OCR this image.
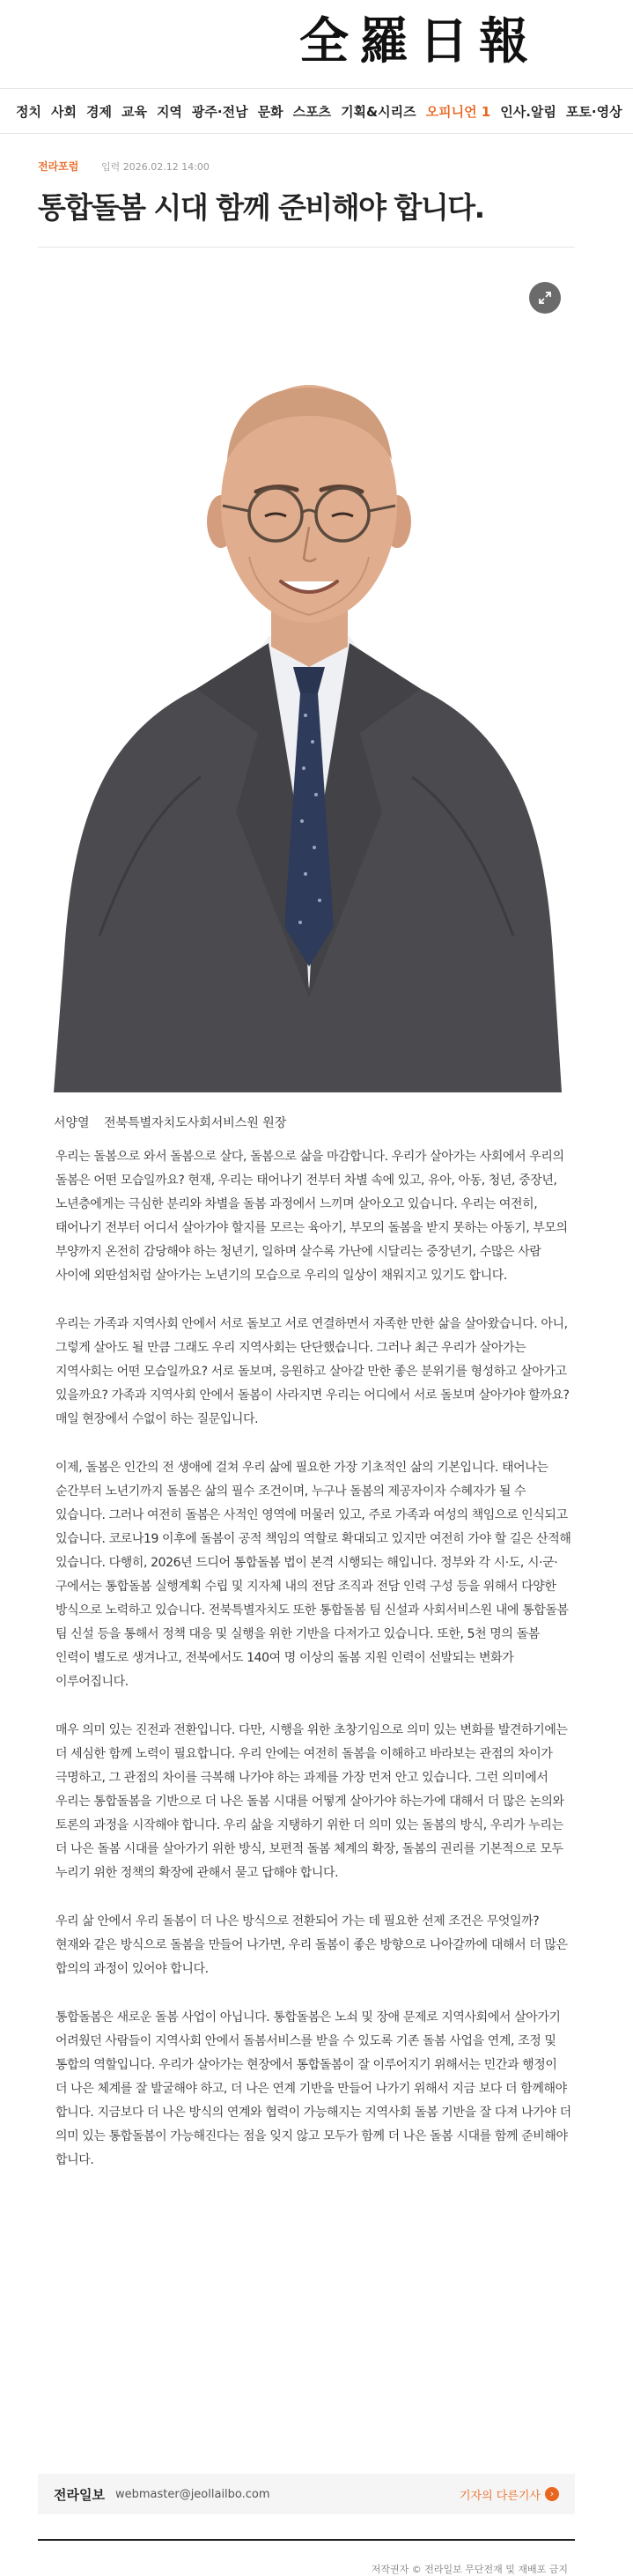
全羅日報
정치 사회 경제 교육 지역 광주·전남 문화 스포츠 기획&시리즈 오피니언 1 인사.알림 포토·영상
전라포럼 입력 2026.02.12 14:00
통합돌봄 시대 함께 준비해야 합니다.
서양열 전북특별자치도사회서비스원 원장

우리는 돌봄으로 와서 돌봄으로 살다, 돌봄으로 삶을 마감합니다. 우리가 살아가는 사회에서 우리의 돌봄은 어떤 모습일까요? 현재, 우리는 태어나기 전부터 차별 속에 있고, 유아, 아동, 청년, 중장년, 노년층에게는 극심한 분리와 차별을 돌봄 과정에서 느끼며 살아오고 있습니다. 우리는 여전히, 태어나기 전부터 어디서 살아가야 할지를 모르는 육아기, 부모의 돌봄을 받지 못하는 아동기, 부모의 부양까지 온전히 감당해야 하는 청년기, 일하며 살수록 가난에 시달리는 중장년기, 수많은 사람 사이에 외딴섬처럼 살아가는 노년기의 모습으로 우리의 일상이 채워지고 있기도 합니다.

우리는 가족과 지역사회 안에서 서로 돌보고 서로 연결하면서 자족한 만한 삶을 살아왔습니다. 아니, 그렇게 살아도 될 만큼 그래도 우리 지역사회는 단단했습니다. 그러나 최근 우리가 살아가는 지역사회는 어떤 모습일까요? 서로 돌보며, 응원하고 살아갈 만한 좋은 분위기를 형성하고 살아가고 있을까요? 가족과 지역사회 안에서 돌봄이 사라지면 우리는 어디에서 서로 돌보며 살아가야 할까요? 매일 현장에서 수없이 하는 질문입니다.

이제, 돌봄은 인간의 전 생애에 걸쳐 우리 삶에 필요한 가장 기초적인 삶의 기본입니다. 태어나는 순간부터 노년기까지 돌봄은 삶의 필수 조건이며, 누구나 돌봄의 제공자이자 수혜자가 될 수 있습니다. 그러나 여전히 돌봄은 사적인 영역에 머물러 있고, 주로 가족과 여성의 책임으로 인식되고 있습니다. 코로나19 이후에 돌봄이 공적 책임의 역할로 확대되고 있지만 여전히 가야 할 길은 산적해 있습니다. 다행히, 2026년 드디어 통합돌봄 법이 본격 시행되는 해입니다. 정부와 각 시·도, 시·군·구에서는 통합돌봄 실행계획 수립 및 지자체 내의 전담 조직과 전담 인력 구성 등을 위해서 다양한 방식으로 노력하고 있습니다. 전북특별자치도 또한 통합돌봄 팀 신설과 사회서비스원 내에 통합돌봄 팀 신설 등을 통해서 정책 대응 및 실행을 위한 기반을 다져가고 있습니다. 또한, 5천 명의 돌봄 인력이 별도로 생겨나고, 전북에서도 140여 명 이상의 돌봄 지원 인력이 선발되는 변화가 이루어집니다.

매우 의미 있는 진전과 전환입니다. 다만, 시행을 위한 초창기임으로 의미 있는 변화를 발견하기에는 더 세심한 함께 노력이 필요합니다. 우리 안에는 여전히 돌봄을 이해하고 바라보는 관점의 차이가 극명하고, 그 관점의 차이를 극복해 나가야 하는 과제를 가장 먼저 안고 있습니다. 그런 의미에서 우리는 통합돌봄을 기반으로 더 나은 돌봄 시대를 어떻게 살아가야 하는가에 대해서 더 많은 논의와 토론의 과정을 시작해야 합니다. 우리 삶을 지탱하기 위한 더 의미 있는 돌봄의 방식, 우리가 누리는 더 나은 돌봄 시대를 살아가기 위한 방식, 보편적 돌봄 체계의 확장, 돌봄의 권리를 기본적으로 모두 누리기 위한 정책의 확장에 관해서 묻고 답해야 합니다.

우리 삶 안에서 우리 돌봄이 더 나은 방식으로 전환되어 가는 데 필요한 선제 조건은 무엇일까? 현재와 같은 방식으로 돌봄을 만들어 나가면, 우리 돌봄이 좋은 방향으로 나아갈까에 대해서 더 많은 합의의 과정이 있어야 합니다.

통합돌봄은 새로운 돌봄 사업이 아닙니다. 통합돌봄은 노쇠 및 장애 문제로 지역사회에서 살아가기 어려웠던 사람들이 지역사회 안에서 돌봄서비스를 받을 수 있도록 기존 돌봄 사업을 연계, 조정 및 통합의 역할입니다. 우리가 살아가는 현장에서 통합돌봄이 잘 이루어지기 위해서는 민간과 행정이 더 나은 체계를 잘 발굴해야 하고, 더 나은 연계 기반을 만들어 나가기 위해서 지금 보다 더 함께해야 합니다. 지금보다 더 나은 방식의 연계와 협력이 가능해지는 지역사회 돌봄 기반을 잘 다져 나가야 더 의미 있는 통합돌봄이 가능해진다는 점을 잊지 않고 모두가 함께 더 나은 돌봄 시대를 함께 준비해야 합니다.

전라일보 webmaster@jeollailbo.com	기자의 다른기사 ›
저작권자 © 전라일보 무단전재 및 재배포 금지
